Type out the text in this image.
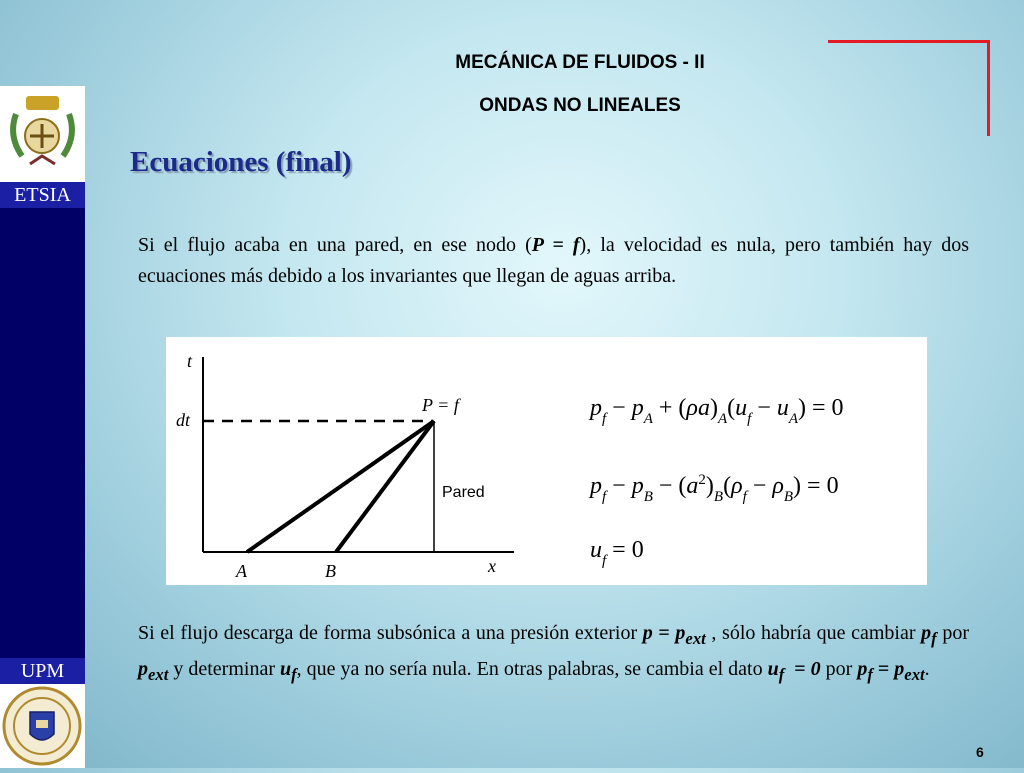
ETSIA
UPM
MECÁNICA DE FLUIDOS - II
ONDAS NO LINEALES
Ecuaciones (final)
Si el flujo acaba en una pared, en ese nodo (P = f), la velocidad es nula, pero también hay dos ecuaciones más debido a los invariantes que llegan de aguas arriba.
t
x
dt
P = f
Pared
A	B
$p_f - p_A + (\rho a)_A(u_f - u_A) = 0$
$p_f - p_B - (a^2)_B(\rho_f - \rho_B) = 0$
$u_f = 0$
Si el flujo descarga de forma subsónica a una presión exterior $p = p_{ext}$ , sólo habría que cambiar $p_f$ por $p_{ext}$ y determinar $u_f$, que ya no sería nula. En otras palabras, se cambia el dato $u_f = 0$ por $p_f = p_{ext}$.
6
